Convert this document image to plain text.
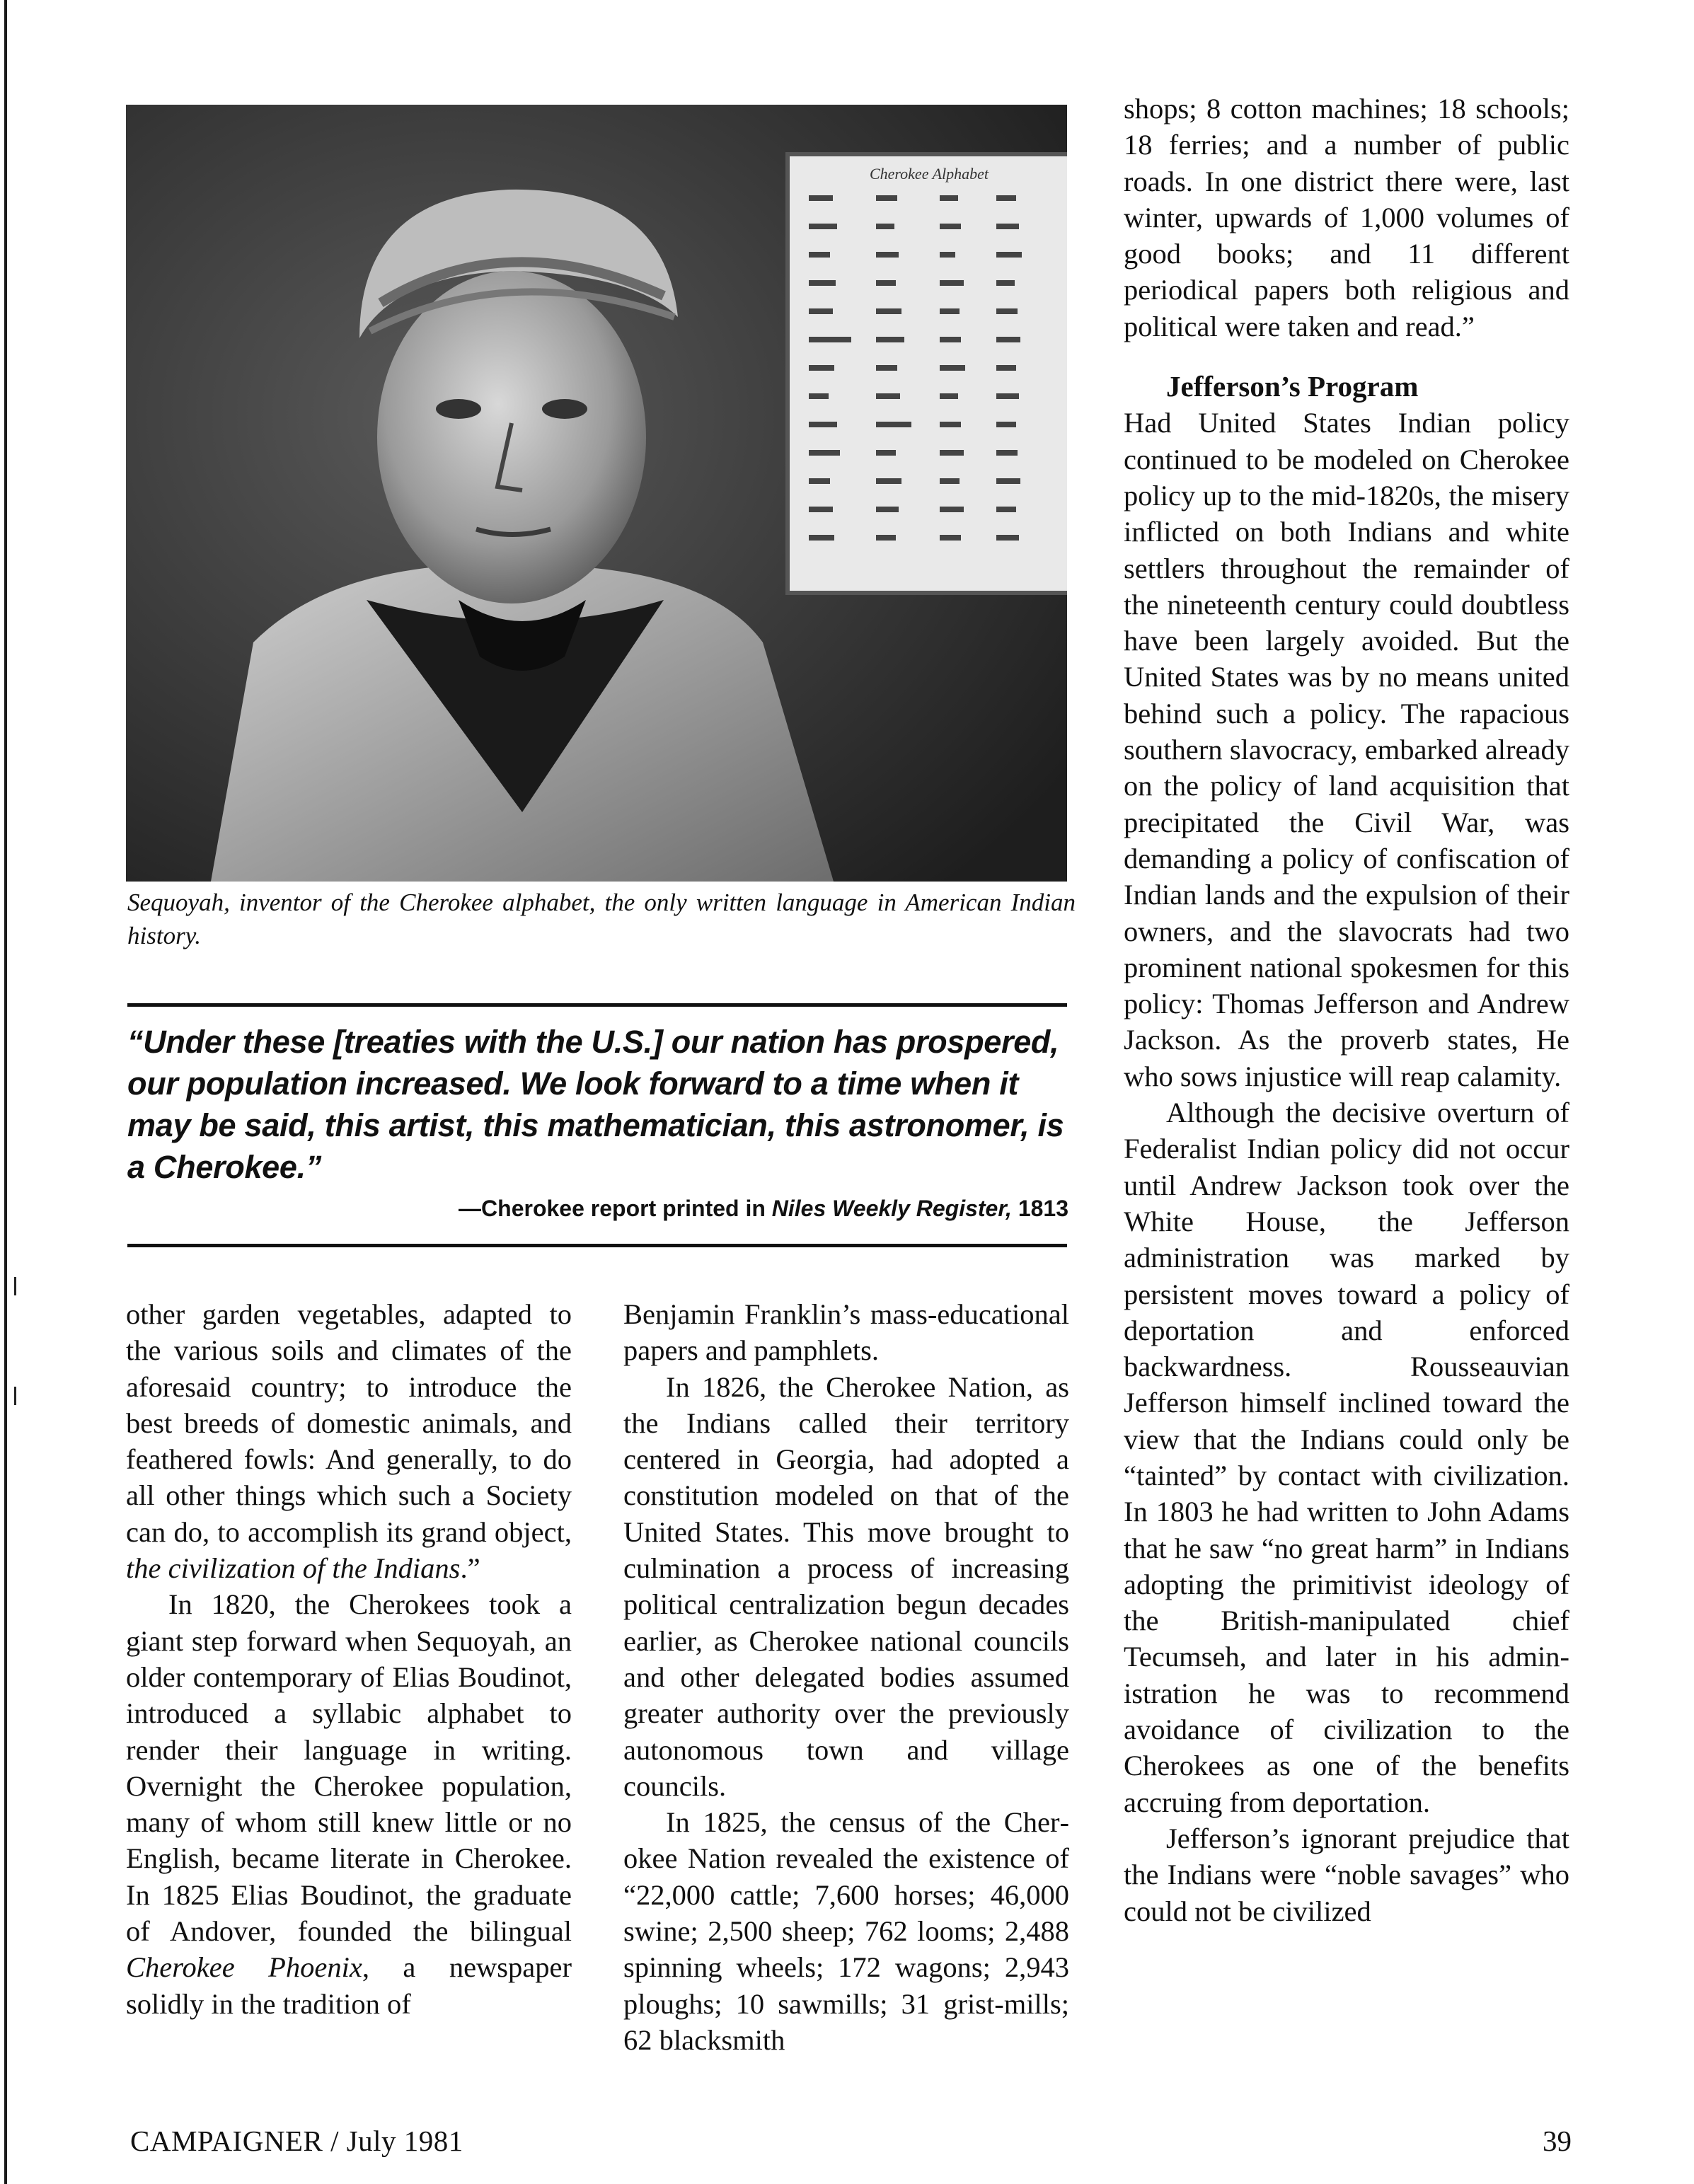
Cherokee Alphabet
Sequoyah, inventor of the Cherokee alphabet, the only written language in American Indian history.
“Under these [treaties with the U.S.] our nation has prospered, our population increased. We look forward to a time when it may be said, this artist, this mathematician, this astronomer, is a Cherokee.”
—Cherokee report printed in Niles Weekly Register, 1813

other garden vegetables, adapted to the various soils and climates of the aforesaid country; to introduce the best breeds of domestic animals, and feathered fowls: And generally, to do all other things which such a Society can do, to accomplish its grand object, the civilization of the Indians.”

In 1820, the Cherokees took a giant step forward when Sequoyah, an older contemporary of Elias Boudinot, introduced a syllabic alphabet to render their language in writing. Overnight the Cherokee population, many of whom still knew little or no English, became literate in Cherokee. In 1825 Elias Boudinot, the graduate of Andover, founded the bilingual Cherokee Phoenix, a newspaper solidly in the tradition of

Benjamin Franklin’s mass-educational papers and pamphlets.

In 1826, the Cherokee Nation, as the Indians called their territory centered in Georgia, had adopted a constitution modeled on that of the United States. This move brought to culmination a process of increasing political centralization begun decades earlier, as Cherokee national councils and other delegated bodies assumed greater authority over the previously autonomous town and village councils.

In 1825, the census of the Cherokee Nation revealed the existence of “22,000 cattle; 7,600 horses; 46,000 swine; 2,500 sheep; 762 looms; 2,488 spinning wheels; 172 wagons; 2,943 ploughs; 10 sawmills; 31 grist-mills; 62 blacksmith

shops; 8 cotton machines; 18 schools; 18 ferries; and a number of public roads. In one district there were, last winter, upwards of 1,000 volumes of good books; and 11 different periodical papers both religious and political were taken and read.”

Jefferson’s Program

Had United States Indian policy continued to be modeled on Cherokee policy up to the mid-1820s, the misery inflicted on both Indians and white settlers throughout the remainder of the nineteenth century could doubtless have been largely avoided. But the United States was by no means united behind such a policy. The rapacious southern slavocracy, embarked already on the policy of land acquisition that precipitated the Civil War, was demanding a policy of confiscation of Indian lands and the expulsion of their owners, and the slavocrats had two prominent national spokesmen for this policy: Thomas Jefferson and Andrew Jackson. As the proverb states, He who sows injustice will reap calamity.

Although the decisive overturn of Federalist Indian policy did not occur until Andrew Jackson took over the White House, the Jefferson administration was marked by persistent moves toward a policy of deportation and enforced backwardness. Rousseauvian Jefferson himself inclined toward the view that the Indians could only be “tainted” by contact with civilization. In 1803 he had written to John Adams that he saw “no great harm” in Indians adopting the primitivist ideology of the British-manipulated chief Tecumseh, and later in his administration he was to recommend avoidance of civilization to the Cherokees as one of the benefits accruing from deportation.

Jefferson’s ignorant prejudice that the Indians were “noble savages” who could not be civilized

CAMPAIGNER / July 1981	39
